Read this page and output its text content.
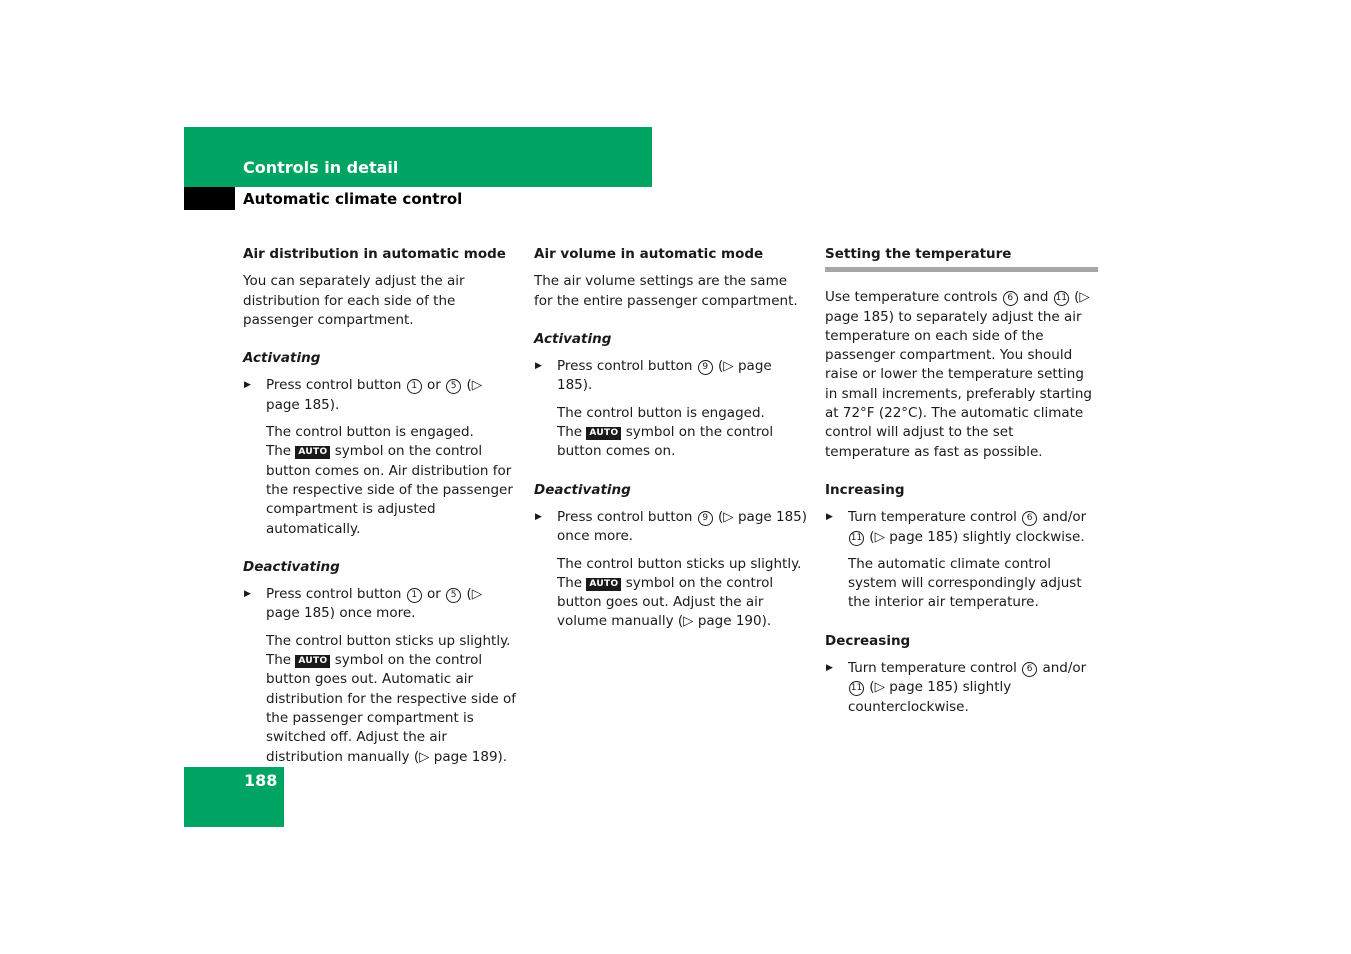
Controls in detail
Automatic climate control
Air distribution in automatic mode

You can separately adjust the air distribution for each side of the passenger compartment.

Activating

▶ Press control button 1 or 5 (▷ page 185).

The control button is engaged.
The AUTO symbol on the control button comes on. Air distribution for the respective side of the passenger compartment is adjusted automatically.

Deactivating

▶ Press control button 1 or 5 (▷ page 185) once more.

The control button sticks up slightly.
The AUTO symbol on the control button goes out. Automatic air distribution for the respective side of the passenger compartment is switched off. Adjust the air distribution manually (▷ page 189).

Air volume in automatic mode

The air volume settings are the same for the entire passenger compartment.

Activating

▶ Press control button 9 (▷ page 185).

The control button is engaged.
The AUTO symbol on the control button comes on.

Deactivating

▶ Press control button 9 (▷ page 185) once more.

The control button sticks up slightly.
The AUTO symbol on the control button goes out. Adjust the air volume manually (▷ page 190).

Setting the temperature

Use temperature controls 6 and 11 (▷ page 185) to separately adjust the air temperature on each side of the passenger compartment. You should raise or lower the temperature setting in small increments, preferably starting at 72°F (22°C). The automatic climate control will adjust to the set temperature as fast as possible.

Increasing

▶ Turn temperature control 6 and/or 11 (▷ page 185) slightly clockwise.

The automatic climate control system will correspondingly adjust the interior air temperature.

Decreasing

▶ Turn temperature control 6 and/or 11 (▷ page 185) slightly counterclockwise.

188
